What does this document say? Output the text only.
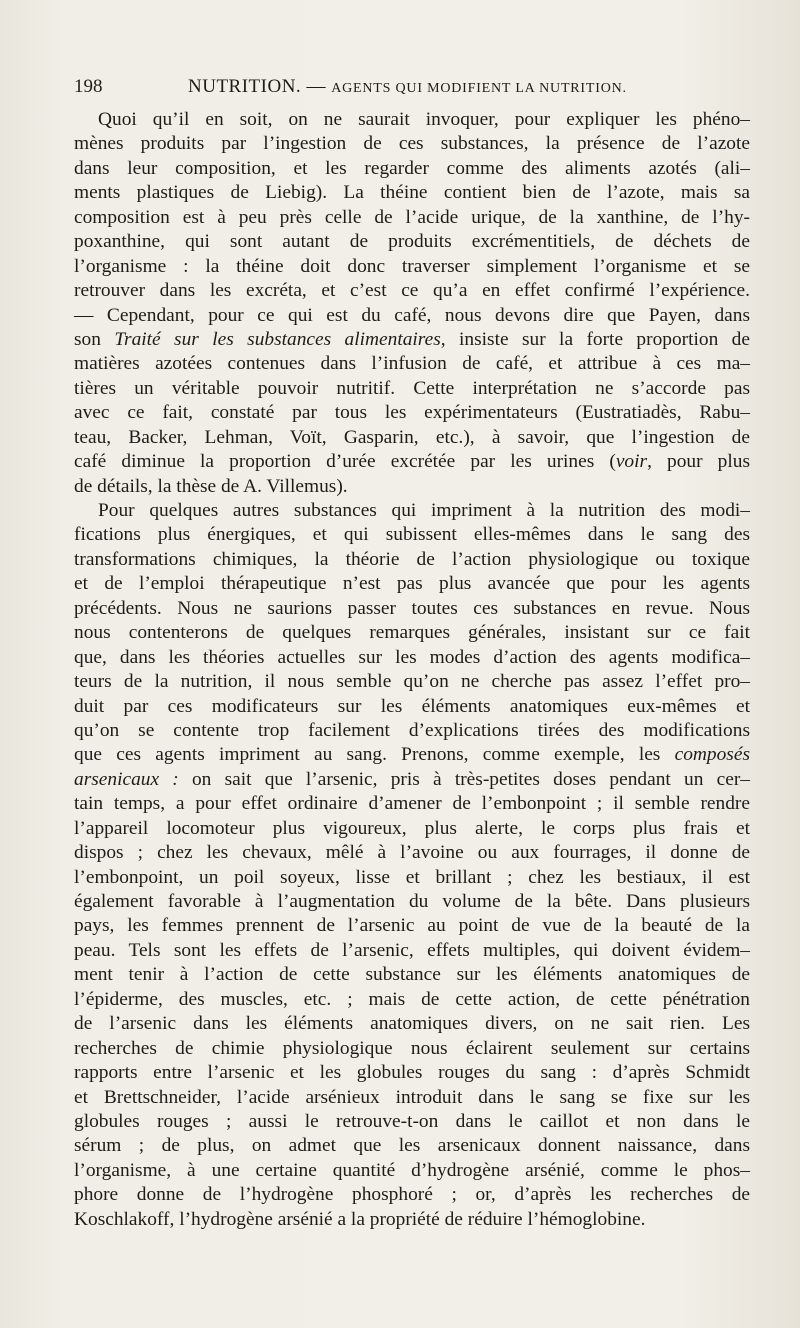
198	NUTRITION. — AGENTS QUI MODIFIENT LA NUTRITION.
Quoi qu’il en soit, on ne saurait invoquer, pour expliquer les phéno–
mènes produits par l’ingestion de ces substances, la présence de l’azote
dans leur composition, et les regarder comme des aliments azotés (ali–
ments plastiques de Liebig). La théine contient bien de l’azote, mais sa
composition est à peu près celle de l’acide urique, de la xanthine, de l’hy-
poxanthine, qui sont autant de produits excrémentitiels, de déchets de
l’organisme : la théine doit donc traverser simplement l’organisme et se
retrouver dans les excréta, et c’est ce qu’a en effet confirmé l’expérience.
— Cependant, pour ce qui est du café, nous devons dire que Payen, dans
son Traité sur les substances alimentaires, insiste sur la forte proportion de
matières azotées contenues dans l’infusion de café, et attribue à ces ma–
tières un véritable pouvoir nutritif. Cette interprétation ne s’accorde pas
avec ce fait, constaté par tous les expérimentateurs (Eustratiadès, Rabu–
teau, Backer, Lehman, Voït, Gasparin, etc.), à savoir, que l’ingestion de
café diminue la proportion d’urée excrétée par les urines (voir, pour plus
de détails, la thèse de A. Villemus).
Pour quelques autres substances qui impriment à la nutrition des modi–
fications plus énergiques, et qui subissent elles-mêmes dans le sang des
transformations chimiques, la théorie de l’action physiologique ou toxique
et de l’emploi thérapeutique n’est pas plus avancée que pour les agents
précédents. Nous ne saurions passer toutes ces substances en revue. Nous
nous contenterons de quelques remarques générales, insistant sur ce fait
que, dans les théories actuelles sur les modes d’action des agents modifica–
teurs de la nutrition, il nous semble qu’on ne cherche pas assez l’effet pro–
duit par ces modificateurs sur les éléments anatomiques eux-mêmes et
qu’on se contente trop facilement d’explications tirées des modifications
que ces agents impriment au sang. Prenons, comme exemple, les composés
arsenicaux : on sait que l’arsenic, pris à très-petites doses pendant un cer–
tain temps, a pour effet ordinaire d’amener de l’embonpoint ; il semble rendre
l’appareil locomoteur plus vigoureux, plus alerte, le corps plus frais et
dispos ; chez les chevaux, mêlé à l’avoine ou aux fourrages, il donne de
l’embonpoint, un poil soyeux, lisse et brillant ; chez les bestiaux, il est
également favorable à l’augmentation du volume de la bête. Dans plusieurs
pays, les femmes prennent de l’arsenic au point de vue de la beauté de la
peau. Tels sont les effets de l’arsenic, effets multiples, qui doivent évidem–
ment tenir à l’action de cette substance sur les éléments anatomiques de
l’épiderme, des muscles, etc. ; mais de cette action, de cette pénétration
de l’arsenic dans les éléments anatomiques divers, on ne sait rien. Les
recherches de chimie physiologique nous éclairent seulement sur certains
rapports entre l’arsenic et les globules rouges du sang : d’après Schmidt
et Brettschneider, l’acide arsénieux introduit dans le sang se fixe sur les
globules rouges ; aussi le retrouve-t-on dans le caillot et non dans le
sérum ; de plus, on admet que les arsenicaux donnent naissance, dans
l’organisme, à une certaine quantité d’hydrogène arsénié, comme le phos–
phore donne de l’hydrogène phosphoré ; or, d’après les recherches de
Koschlakoff, l’hydrogène arsénié a la propriété de réduire l’hémoglobine.
